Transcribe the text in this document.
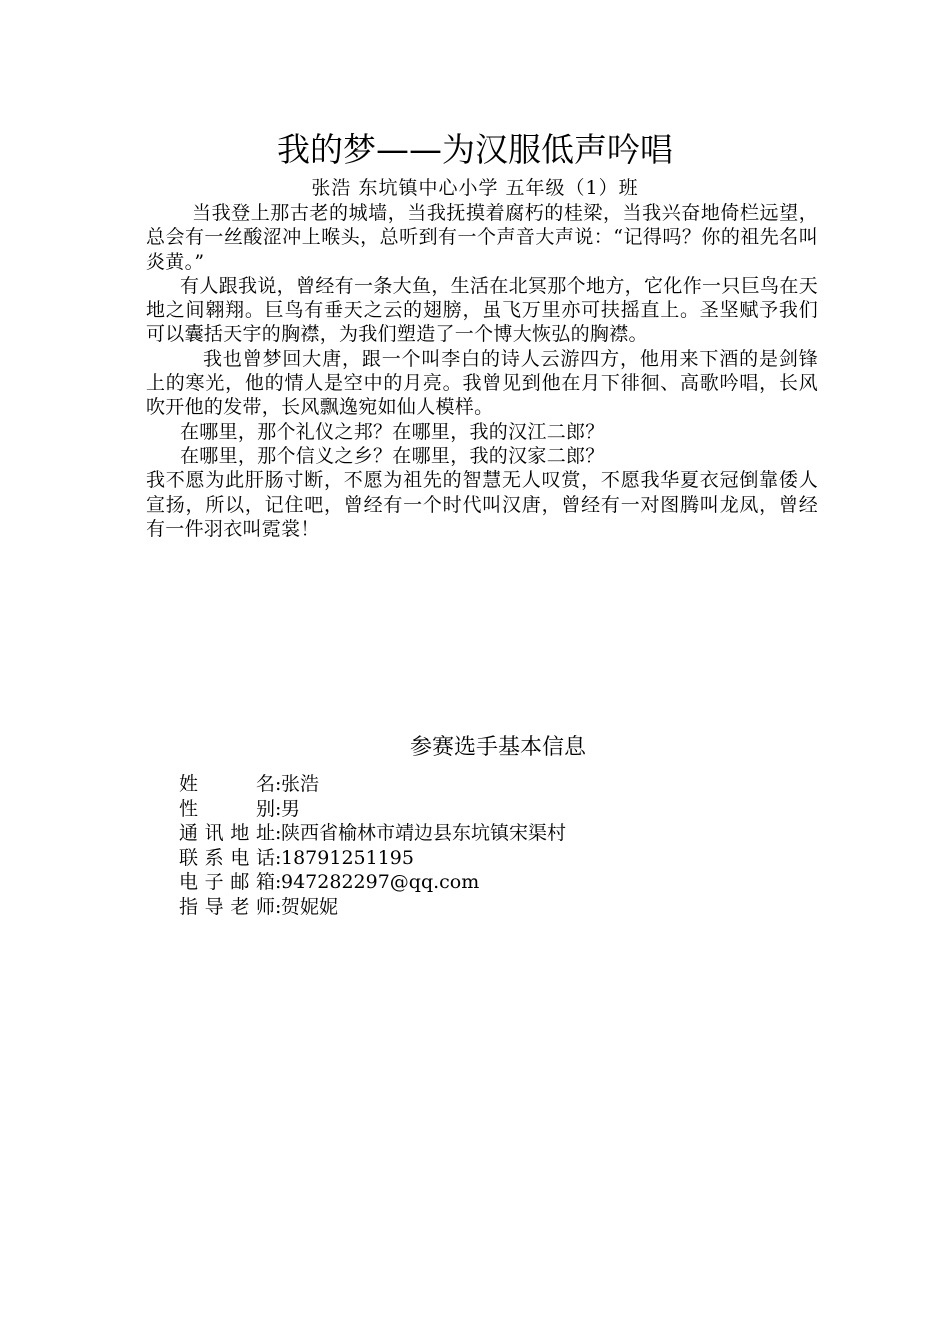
我的梦——为汉服低声吟唱
张浩 东坑镇中心小学 五年级（1）班

当我登上那古老的城墙，当我抚摸着腐朽的桂梁，当我兴奋地倚栏远望，总会有一丝酸涩冲上喉头，总听到有一个声音大声说：“记得吗？你的祖先名叫炎黄。”

有人跟我说，曾经有一条大鱼，生活在北冥那个地方，它化作一只巨鸟在天地之间翱翔。巨鸟有垂天之云的翅膀，虽飞万里亦可扶摇直上。圣坚赋予我们可以囊括天宇的胸襟，为我们塑造了一个博大恢弘的胸襟。

我也曾梦回大唐，跟一个叫李白的诗人云游四方，他用来下酒的是剑锋上的寒光，他的情人是空中的月亮。我曾见到他在月下徘徊、高歌吟唱，长风吹开他的发带，长风飘逸宛如仙人模样。

在哪里，那个礼仪之邦？在哪里，我的汉江二郎？

在哪里，那个信义之乡？在哪里，我的汉家二郎？

我不愿为此肝肠寸断，不愿为祖先的智慧无人叹赏，不愿我华夏衣冠倒靠倭人宣扬，所以，记住吧，曾经有一个时代叫汉唐，曾经有一对图腾叫龙凤，曾经有一件羽衣叫霓裳！

参赛选手基本信息
姓名 : 张浩
性别 : 男
通讯地址 : 陕西省榆林市靖边县东坑镇宋渠村
联系电话 : 18791251195
电子邮箱 : 947282297@qq.com
指导老师 : 贺妮妮
